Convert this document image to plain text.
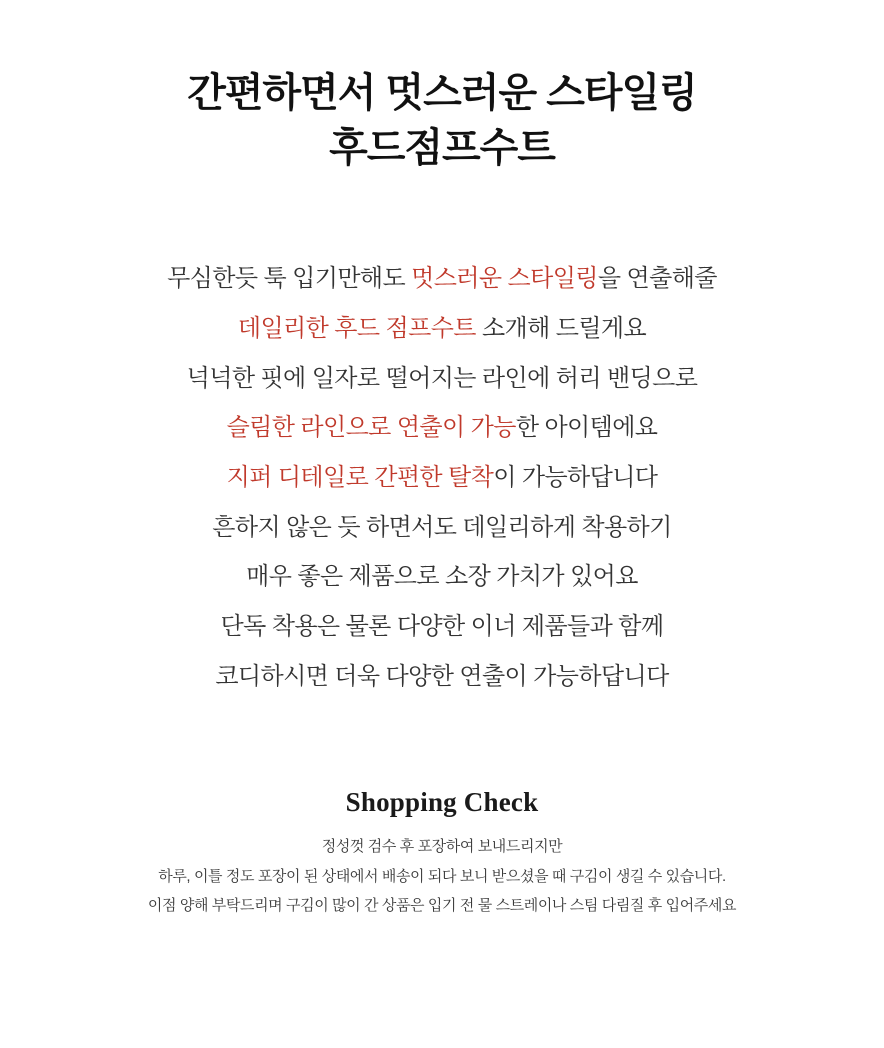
간편하면서 멋스러운 스타일링
후드점프수트
무심한듯 툭 입기만해도 멋스러운 스타일링을 연출해줄
데일리한 후드 점프수트 소개해 드릴게요
넉넉한 핏에 일자로 떨어지는 라인에 허리 밴딩으로
슬림한 라인으로 연출이 가능한 아이템에요
지퍼 디테일로 간편한 탈착이 가능하답니다
흔하지 않은 듯 하면서도 데일리하게 착용하기
매우 좋은 제품으로 소장 가치가 있어요
단독 착용은 물론 다양한 이너 제품들과 함께
코디하시면 더욱 다양한 연출이 가능하답니다
Shopping Check
정성껏 검수 후 포장하여 보내드리지만
하루, 이틀 정도 포장이 된 상태에서 배송이 되다 보니 받으셨을 때 구김이 생길 수 있습니다.
이점 양해 부탁드리며 구김이 많이 간 상품은 입기 전 물 스트레이나 스팀 다림질 후 입어주세요
